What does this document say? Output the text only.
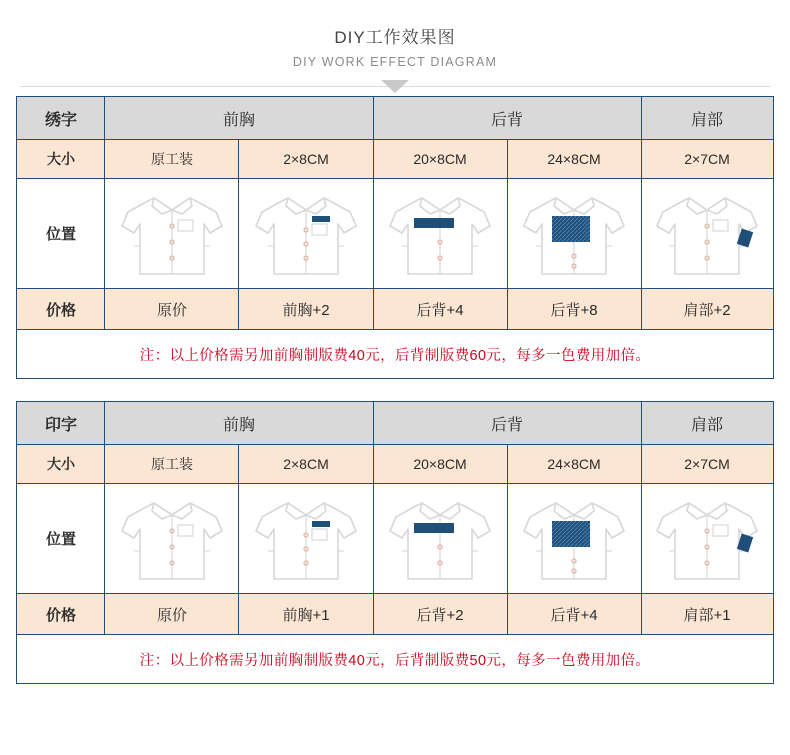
DIY工作效果图
DIY WORK EFFECT DIAGRAM
绣字	前胸		后背		肩部
大小	原工装	2×8CM	20×8CM	24×8CM	2×7CM
位置	

价格	原价	前胸+2	后背+4	后背+8	肩部+2
注：以上价格需另加前胸制版费40元，后背制版费60元，每多一色费用加倍。					
印字	前胸		后背		肩部
大小	原工装	2×8CM	20×8CM	24×8CM	2×7CM
位置	

价格	原价	前胸+1	后背+2	后背+4	肩部+1
注：以上价格需另加前胸制版费40元，后背制版费50元，每多一色费用加倍。					
